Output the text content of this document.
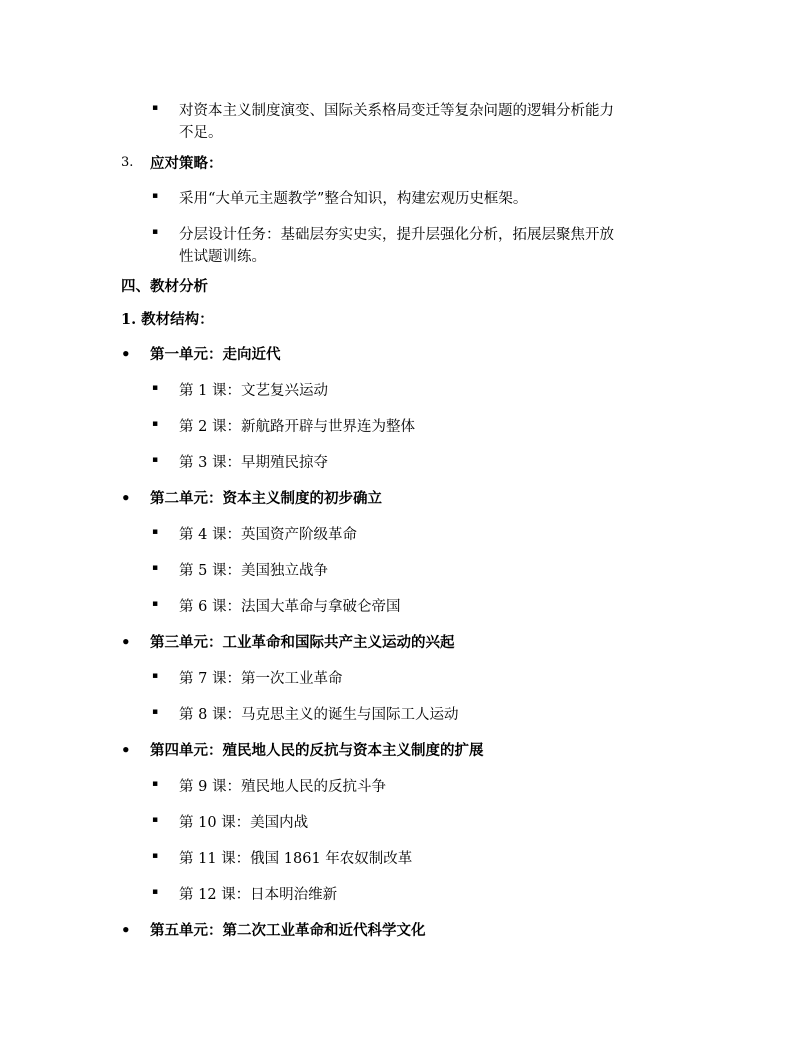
▪ 对资本主义制度演变、国际关系格局变迁等复杂问题的逻辑分析能力
不足。
3. 应对策略：
▪ 采用“大单元主题教学”整合知识，构建宏观历史框架。
▪ 分层设计任务：基础层夯实史实，提升层强化分析，拓展层聚焦开放
性试题训练。
四、教材分析
1. 教材结构：
• 第一单元：走向近代
▪ 第 1 课：文艺复兴运动
▪ 第 2 课：新航路开辟与世界连为整体
▪ 第 3 课：早期殖民掠夺
• 第二单元：资本主义制度的初步确立
▪ 第 4 课：英国资产阶级革命
▪ 第 5 课：美国独立战争
▪ 第 6 课：法国大革命与拿破仑帝国
• 第三单元：工业革命和国际共产主义运动的兴起
▪ 第 7 课：第一次工业革命
▪ 第 8 课：马克思主义的诞生与国际工人运动
• 第四单元：殖民地人民的反抗与资本主义制度的扩展
▪ 第 9 课：殖民地人民的反抗斗争
▪ 第 10 课：美国内战
▪ 第 11 课：俄国 1861 年农奴制改革
▪ 第 12 课：日本明治维新
• 第五单元：第二次工业革命和近代科学文化
